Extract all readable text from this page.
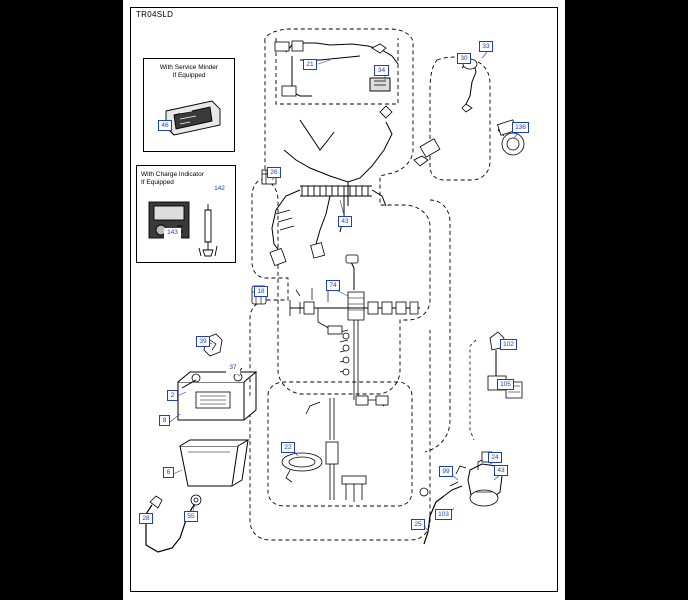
TR04SLD
With Service Minder
If Equipped
With Charge Indicator
If Equipped
21
34
33
30
136
46
142
143
26
43
18
74
39
37
2
8
6
28	55
22
102
105
24
43
99
103
25
